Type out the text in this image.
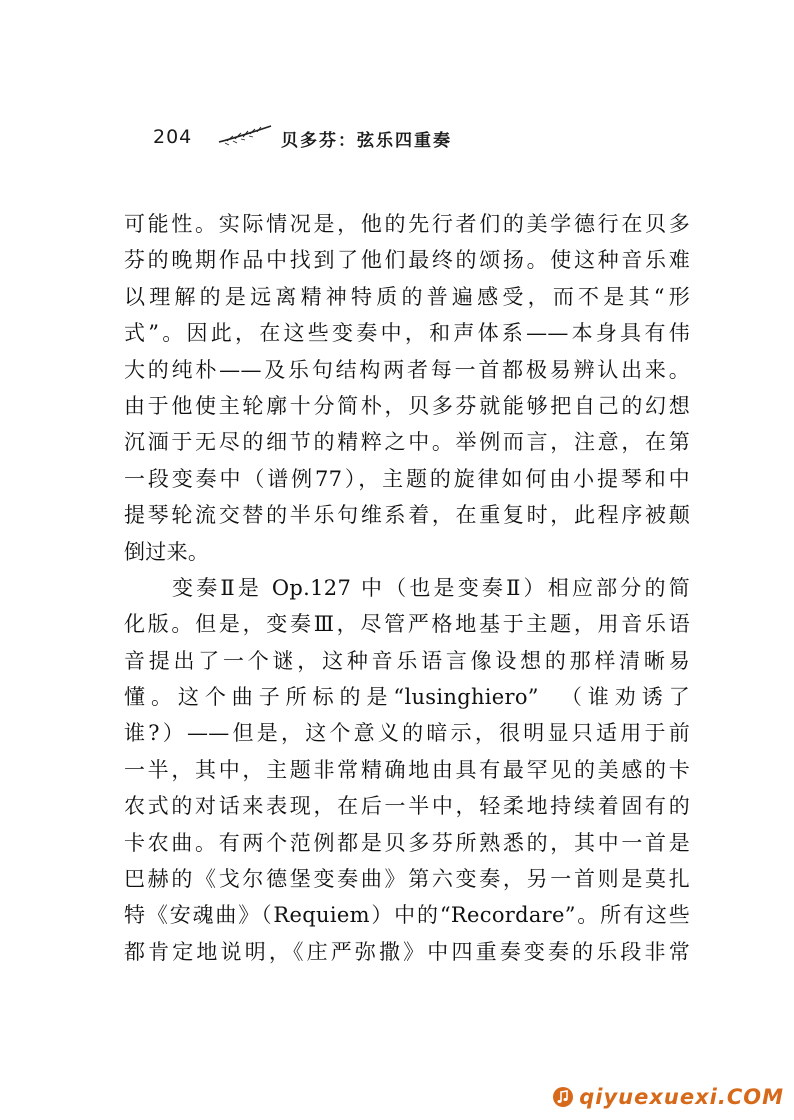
204	贝多芬：弦乐四重奏
可能性。实际情况是，他的先行者们的美学德行在贝多
芬的晚期作品中找到了他们最终的颂扬。使这种音乐难
以理解的是远离精神特质的普遍感受，而不是其“形
式”。因此，在这些变奏中，和声体系——本身具有伟
大的纯朴——及乐句结构两者每一首都极易辨认出来。
由于他使主轮廓十分简朴，贝多芬就能够把自己的幻想
沉湎于无尽的细节的精粹之中。举例而言，注意，在第
一段变奏中（谱例77），主题的旋律如何由小提琴和中
提琴轮流交替的半乐句维系着，在重复时，此程序被颠
倒过来。
变奏Ⅱ是 Op.127 中（也是变奏Ⅱ）相应部分的简
化版。但是，变奏Ⅲ，尽管严格地基于主题，用音乐语
音提出了一个谜，这种音乐语言像设想的那样清晰易
懂。这个曲子所标的是“lusinghiero”　（谁劝诱了
谁?）——但是，这个意义的暗示，很明显只适用于前
一半，其中，主题非常精确地由具有最罕见的美感的卡
农式的对话来表现，在后一半中，轻柔地持续着固有的
卡农曲。有两个范例都是贝多芬所熟悉的，其中一首是
巴赫的《戈尔德堡变奏曲》第六变奏，另一首则是莫扎
特《安魂曲》（Requiem）中的“Recordare”。所有这些
都肯定地说明，《庄严弥撒》中四重奏变奏的乐段非常
qiyuexuexi.COM
